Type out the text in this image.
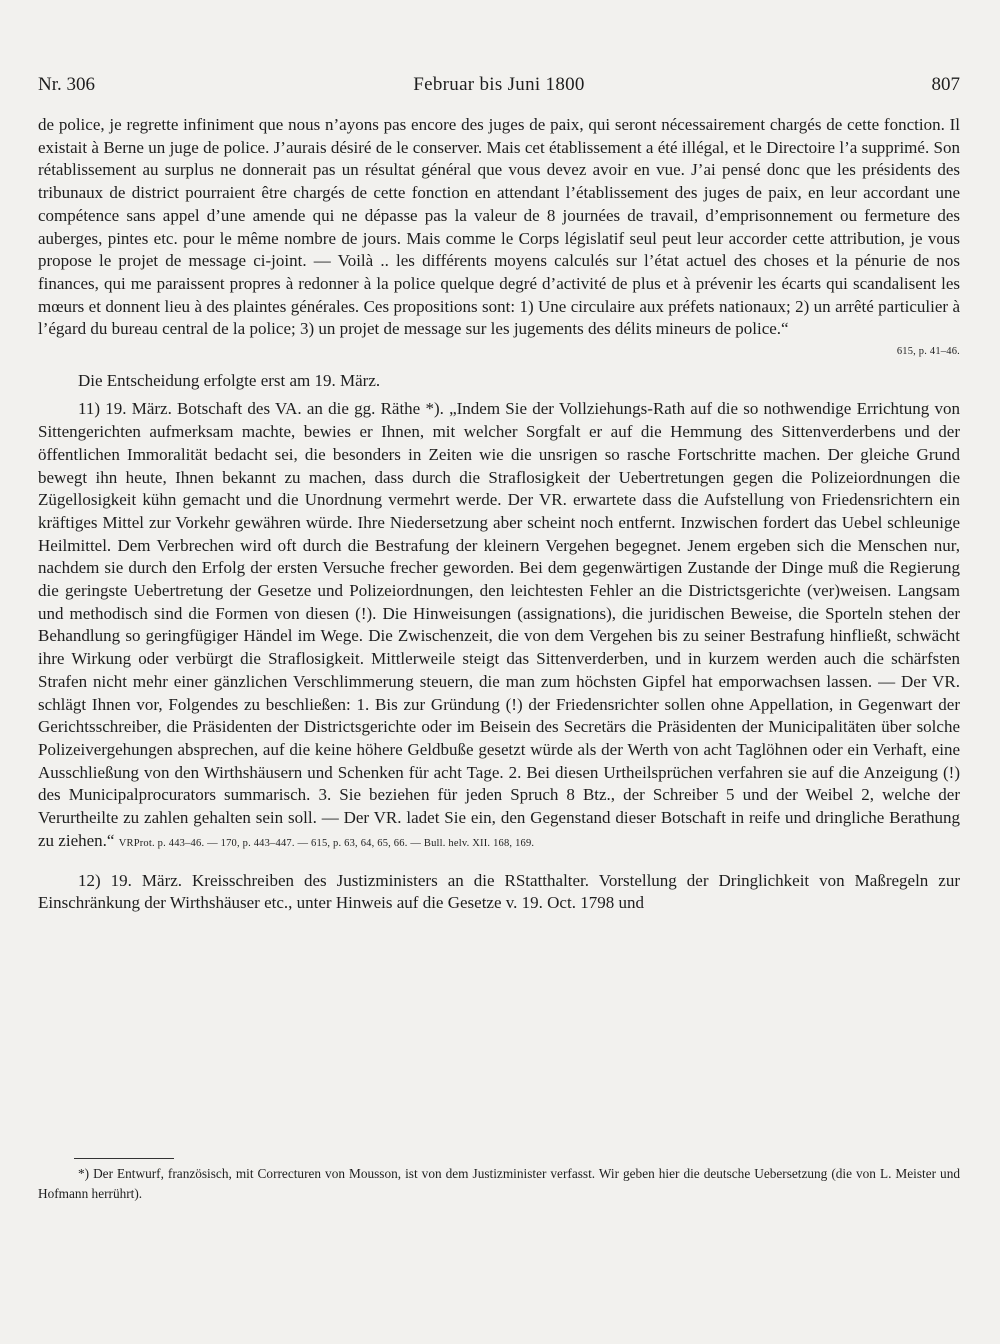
Nr. 306	Februar bis Juni 1800	807

de police, je regrette infiniment que nous n’ayons pas encore des juges de paix, qui seront nécessairement chargés de cette fonction. Il existait à Berne un juge de police. J’aurais désiré de le conserver. Mais cet établissement a été illégal, et le Directoire l’a supprimé. Son rétablissement au surplus ne donnerait pas un résultat général que vous devez avoir en vue. J’ai pensé donc que les présidents des tribunaux de district pourraient être chargés de cette fonction en attendant l’établissement des juges de paix, en leur accordant une compétence sans appel d’une amende qui ne dépasse pas la valeur de 8 journées de travail, d’emprisonnement ou fermeture des auberges, pintes etc. pour le même nombre de jours. Mais comme le Corps législatif seul peut leur accorder cette attribution, je vous propose le projet de message ci-joint. — Voilà .. les différents moyens calculés sur l’état actuel des choses et la pénurie de nos finances, qui me paraissent propres à redonner à la police quelque degré d’activité de plus et à prévenir les écarts qui scandalisent les mœurs et donnent lieu à des plaintes générales. Ces propositions sont: 1) Une circulaire aux préfets nationaux; 2) un arrêté particulier à l’égard du bureau central de la police; 3) un projet de message sur les jugements des délits mineurs de police.“
615, p. 41–46.

Die Entscheidung erfolgte erst am 19. März.

11) 19. März. Botschaft des VA. an die gg. Räthe *). „Indem Sie der Vollziehungs-Rath auf die so nothwendige Errichtung von Sittengerichten aufmerksam machte, bewies er Ihnen, mit welcher Sorgfalt er auf die Hemmung des Sittenverderbens und der öffentlichen Immoralität bedacht sei, die besonders in Zeiten wie die unsrigen so rasche Fortschritte machen. Der gleiche Grund bewegt ihn heute, Ihnen bekannt zu machen, dass durch die Straflosigkeit der Uebertretungen gegen die Polizeiordnungen die Zügellosigkeit kühn gemacht und die Unordnung vermehrt werde. Der VR. erwartete dass die Aufstellung von Friedensrichtern ein kräftiges Mittel zur Vorkehr gewähren würde. Ihre Niedersetzung aber scheint noch entfernt. Inzwischen fordert das Uebel schleunige Heilmittel. Dem Verbrechen wird oft durch die Bestrafung der kleinern Vergehen begegnet. Jenem ergeben sich die Menschen nur, nachdem sie durch den Erfolg der ersten Versuche frecher geworden. Bei dem gegenwärtigen Zustande der Dinge muß die Regierung die geringste Uebertretung der Gesetze und Polizeiordnungen, den leichtesten Fehler an die Districtsgerichte (ver)weisen. Langsam und methodisch sind die Formen von diesen (!). Die Hinweisungen (assignations), die juridischen Beweise, die Sporteln stehen der Behandlung so geringfügiger Händel im Wege. Die Zwischenzeit, die von dem Vergehen bis zu seiner Bestrafung hinfließt, schwächt ihre Wirkung oder verbürgt die Straflosigkeit. Mittlerweile steigt das Sittenverderben, und in kurzem werden auch die schärfsten Strafen nicht mehr einer gänzlichen Verschlimmerung steuern, die man zum höchsten Gipfel hat emporwachsen lassen. — Der VR. schlägt Ihnen vor, Folgendes zu beschließen: 1. Bis zur Gründung (!) der Friedensrichter sollen ohne Appellation, in Gegenwart der Gerichtsschreiber, die Präsidenten der Districtsgerichte oder im Beisein des Secretärs die Präsidenten der Municipalitäten über solche Polizeivergehungen absprechen, auf die keine höhere Geldbuße gesetzt würde als der Werth von acht Taglöhnen oder ein Verhaft, eine Ausschließung von den Wirthshäusern und Schenken für acht Tage. 2. Bei diesen Urtheilsprüchen verfahren sie auf die Anzeigung (!) des Municipalprocurators summarisch. 3. Sie beziehen für jeden Spruch 8 Btz., der Schreiber 5 und der Weibel 2, welche der Verurtheilte zu zahlen gehalten sein soll. — Der VR. ladet Sie ein, den Gegenstand dieser Botschaft in reife und dringliche Berathung zu ziehen.“ VRProt. p. 443–46. — 170, p. 443–447. — 615, p. 63, 64, 65, 66. — Bull. helv. XII. 168, 169.

12) 19. März. Kreisschreiben des Justizministers an die RStatthalter. Vorstellung der Dringlichkeit von Maßregeln zur Einschränkung der Wirthshäuser etc., unter Hinweis auf die Gesetze v. 19. Oct. 1798 und

*) Der Entwurf, französisch, mit Correcturen von Mousson, ist von dem Justizminister verfasst. Wir geben hier die deutsche Uebersetzung (die von L. Meister und Hofmann herrührt).
